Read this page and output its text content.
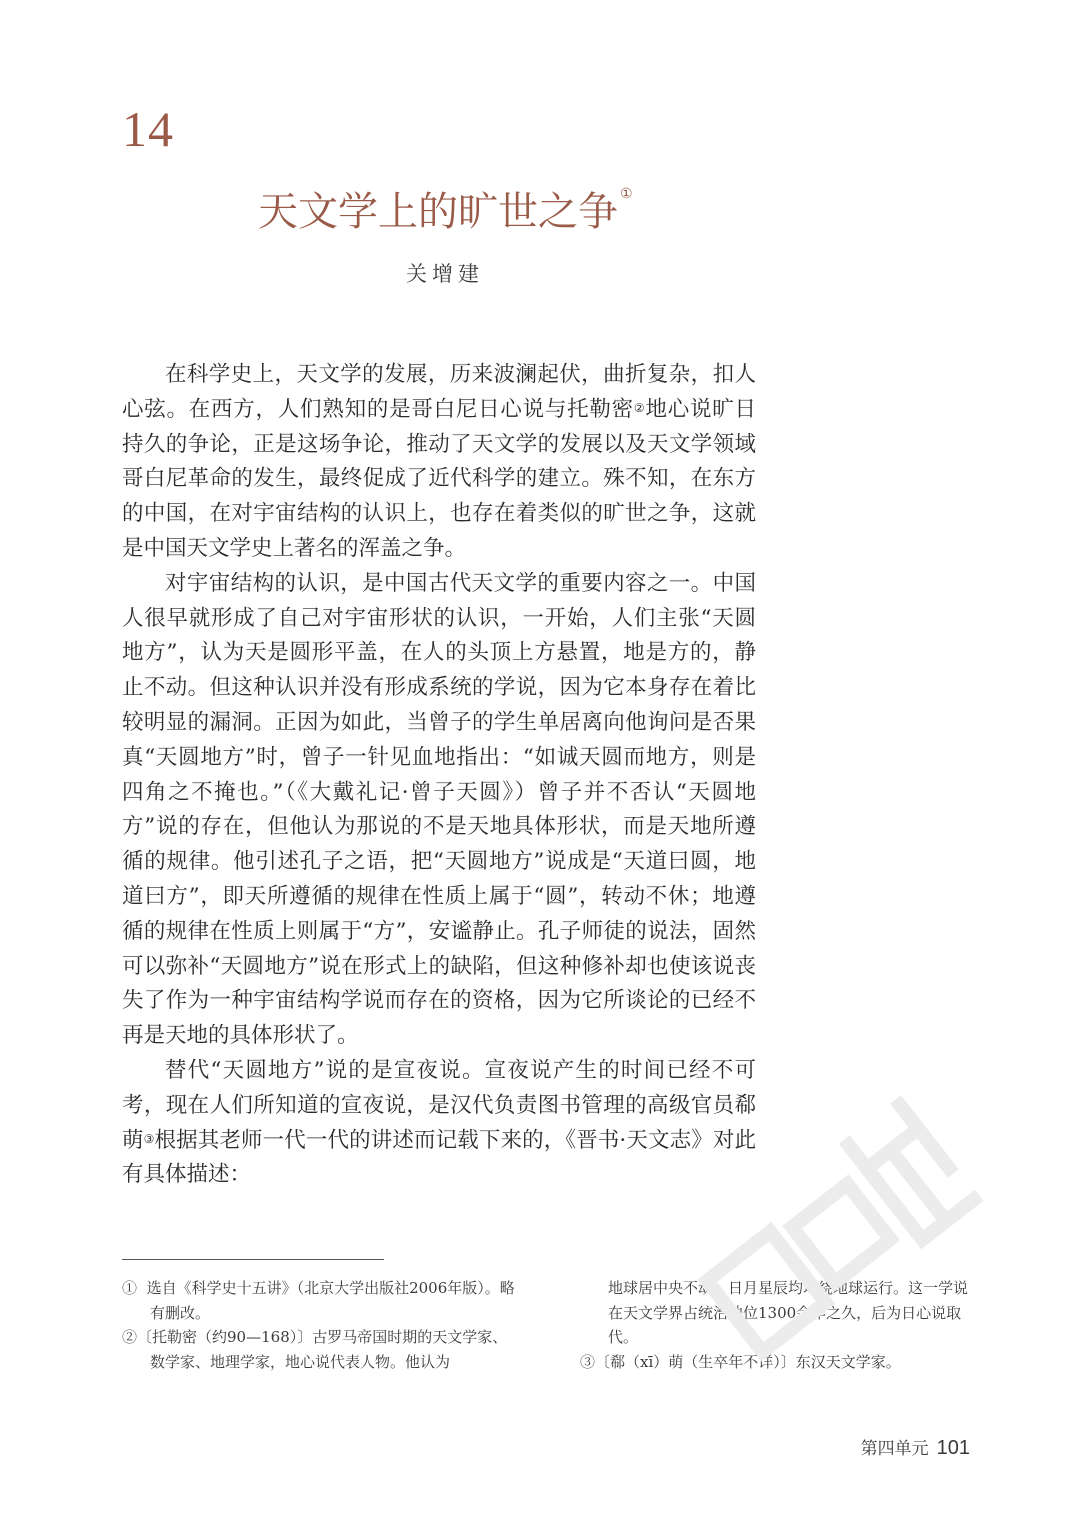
14
天文学上的旷世之争 ①
关增建

在科学史上，天文学的发展，历来波澜起伏，曲折复杂，扣人心弦。在西方，人们熟知的是哥白尼日心说与托勒密②地心说旷日持久的争论，正是这场争论，推动了天文学的发展以及天文学领域哥白尼革命的发生，最终促成了近代科学的建立。殊不知，在东方的中国，在对宇宙结构的认识上，也存在着类似的旷世之争，这就是中国天文学史上著名的浑盖之争。

对宇宙结构的认识，是中国古代天文学的重要内容之一。中国人很早就形成了自己对宇宙形状的认识，一开始，人们主张“天圆地方”，认为天是圆形平盖，在人的头顶上方悬置，地是方的，静止不动。但这种认识并没有形成系统的学说，因为它本身存在着比较明显的漏洞。正因为如此，当曾子的学生单居离向他询问是否果真“天圆地方”时，曾子一针见血地指出：“如诚天圆而地方，则是四角之不掩也。”（《大戴礼记·曾子天圆》）曾子并不否认“天圆地方”说的存在，但他认为那说的不是天地具体形状，而是天地所遵循的规律。他引述孔子之语，把“天圆地方”说成是“天道曰圆，地道曰方”，即天所遵循的规律在性质上属于“圆”，转动不休；地遵循的规律在性质上则属于“方”，安谧静止。孔子师徒的说法，固然可以弥补“天圆地方”说在形式上的缺陷，但这种修补却也使该说丧失了作为一种宇宙结构学说而存在的资格，因为它所谈论的已经不再是天地的具体形状了。

替代“天圆地方”说的是宣夜说。宣夜说产生的时间已经不可考，现在人们所知道的宣夜说，是汉代负责图书管理的高级官员郗萌③根据其老师一代一代的讲述而记载下来的，《晋书·天文志》对此有具体描述：

① 选自《科学史十五讲》（北京大学出版社2006年版）。略有删改。

②〔托勒密（约90—168）〕古罗马帝国时期的天文学家、数学家、地理学家，地心说代表人物。他认为

地球居中央不动，日月星辰均环绕地球运行。这一学说在天文学界占统治地位1300余年之久，后为日心说取代。

③〔郗（xī）萌（生卒年不详）〕东汉天文学家。

第四单元 101
